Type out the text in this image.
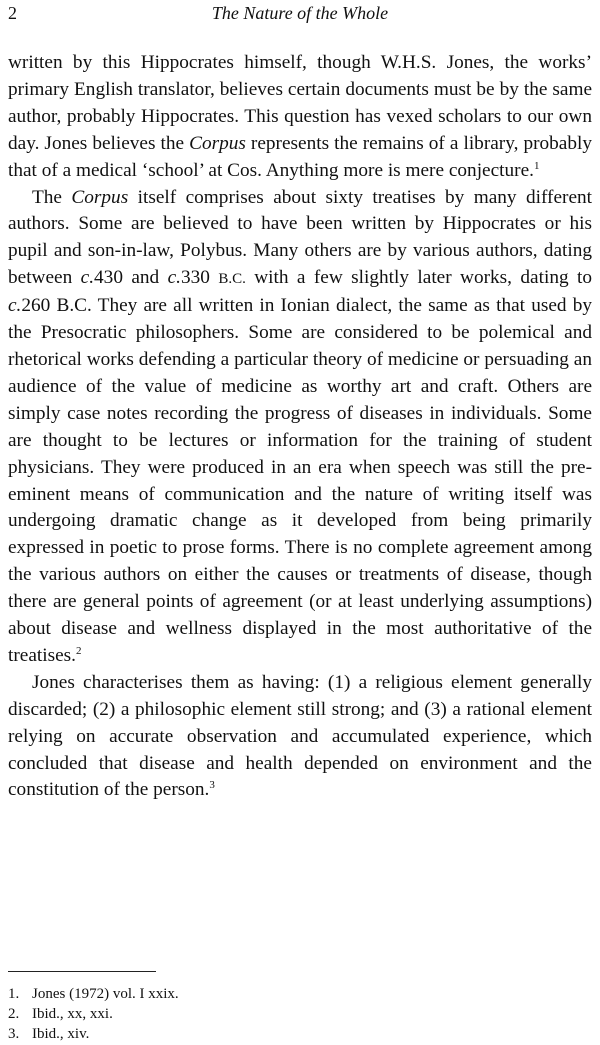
2	The Nature of the Whole

written by this Hippocrates himself, though W.H.S. Jones, the works’ primary English translator, believes certain documents must be by the same author, probably Hippocrates. This question has vexed scholars to our own day. Jones believes the Corpus represents the remains of a library, probably that of a medical ‘school’ at Cos. Anything more is mere conjecture.$^1$

The Corpus itself comprises about sixty treatises by many different authors. Some are believed to have been written by Hippocrates or his pupil and son-in-law, Polybus. Many others are by various authors, dating between c.430 and c.330 B.C. with a few slightly later works, dating to c.260 B.C. They are all written in Ionian dialect, the same as that used by the Presocratic philosophers. Some are considered to be polemical and rhetorical works defending a particular theory of medicine or persuading an audience of the value of medicine as worthy art and craft. Others are simply case notes recording the progress of diseases in individuals. Some are thought to be lectures or information for the training of student physicians. They were produced in an era when speech was still the pre-eminent means of communication and the nature of writing itself was undergoing dramatic change as it developed from being primarily expressed in poetic to prose forms. There is no complete agreement among the various authors on either the causes or treatments of disease, though there are general points of agreement (or at least underlying assumptions) about disease and wellness displayed in the most authoritative of the treatises.$^2$

Jones characterises them as having: (1) a religious element generally discarded; (2) a philosophic element still strong; and (3) a rational element relying on accurate observation and accumulated experience, which concluded that disease and health depended on environment and the constitution of the person.$^3$

1. Jones (1972) vol. I xxix.
2. Ibid., xx, xxi.
3. Ibid., xiv.
